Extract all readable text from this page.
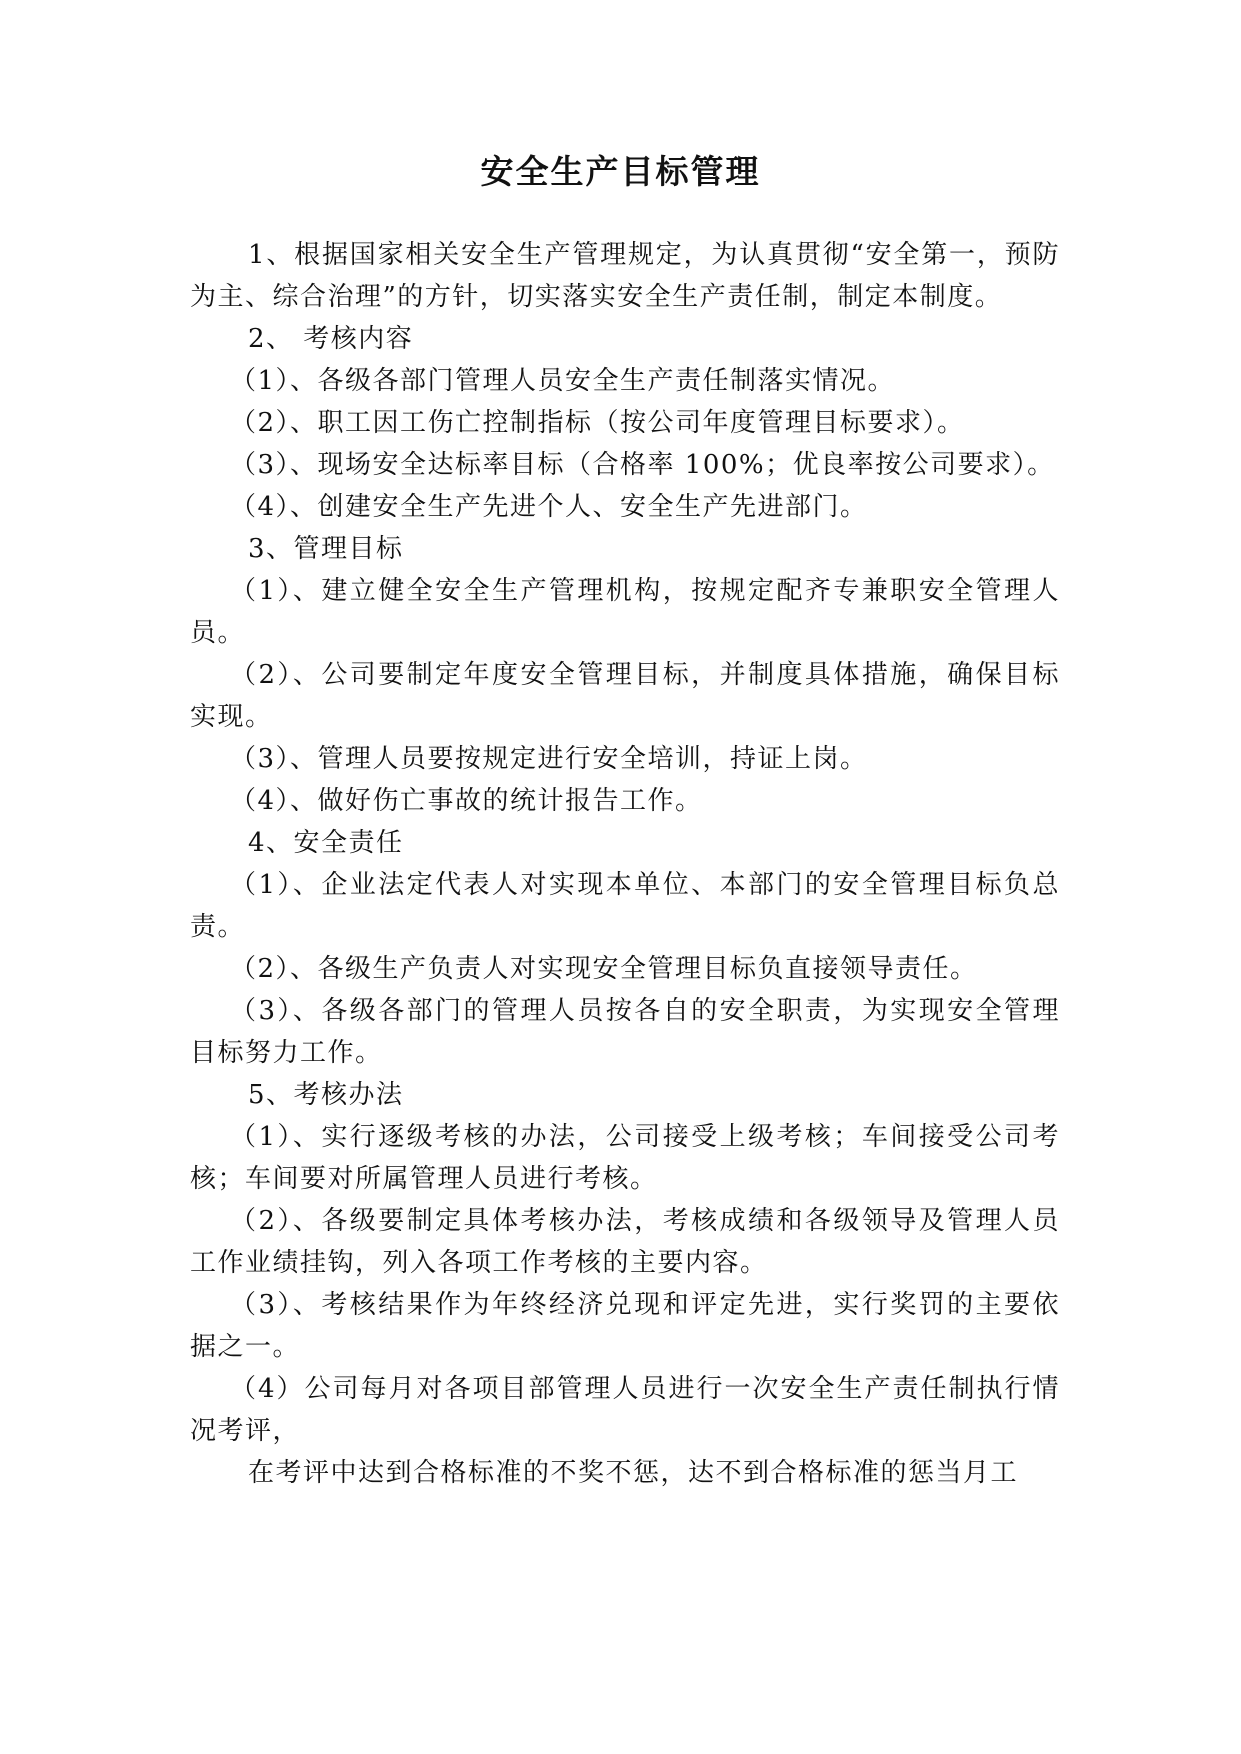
安全生产目标管理

1、根据国家相关安全生产管理规定，为认真贯彻“安全第一，预防为主、综合治理”的方针，切实落实安全生产责任制，制定本制度。

2、 考核内容

（1）、各级各部门管理人员安全生产责任制落实情况。

（2）、职工因工伤亡控制指标（按公司年度管理目标要求）。

（3）、现场安全达标率目标（合格率 100%；优良率按公司要求）。

（4）、创建安全生产先进个人、安全生产先进部门。

3、管理目标

（1）、建立健全安全生产管理机构，按规定配齐专兼职安全管理人员。

（2）、公司要制定年度安全管理目标，并制度具体措施，确保目标实现。

（3）、管理人员要按规定进行安全培训，持证上岗。

（4）、做好伤亡事故的统计报告工作。

4、安全责任

（1）、企业法定代表人对实现本单位、本部门的安全管理目标负总责。

（2）、各级生产负责人对实现安全管理目标负直接领导责任。

（3）、各级各部门的管理人员按各自的安全职责，为实现安全管理目标努力工作。

5、考核办法

（1）、实行逐级考核的办法，公司接受上级考核；车间接受公司考核；车间要对所属管理人员进行考核。

（2）、各级要制定具体考核办法，考核成绩和各级领导及管理人员工作业绩挂钩，列入各项工作考核的主要内容。

（3）、考核结果作为年终经济兑现和评定先进，实行奖罚的主要依据之一。

（4）公司每月对各项目部管理人员进行一次安全生产责任制执行情况考评，

在考评中达到合格标准的不奖不惩，达不到合格标准的惩当月工
